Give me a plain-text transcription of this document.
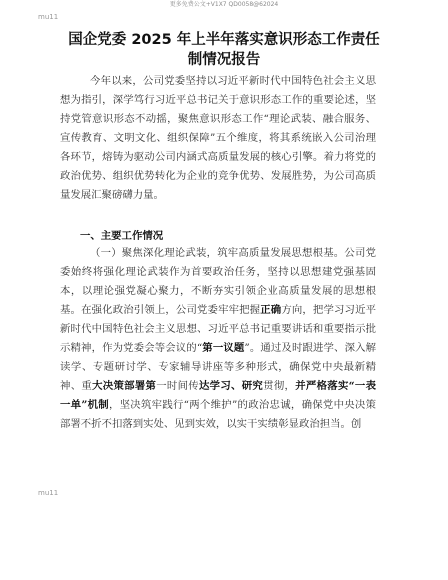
更多免费公文+V1X7 QD0058@62024
mu11
国企党委 2025 年上半年落实意识形态工作责任
制情况报告
今年以来，公司党委坚持以习近平新时代中国特色社会主义思想为指引，深学笃行习近平总书记关于意识形态工作的重要论述，坚持党管意识形态不动摇，聚焦意识形态工作“理论武装、融合服务、宣传教育、文明文化、组织保障”五个维度，将其系统嵌入公司治理各环节，熔铸为驱动公司内涵式高质量发展的核心引擎。着力将党的政治优势、组织优势转化为企业的竞争优势、发展胜势，为公司高质量发展汇聚磅礴力量。
一、主要工作情况
（一）聚焦深化理论武装，筑牢高质量发展思想根基。公司党委始终将强化理论武装作为首要政治任务，坚持以思想建党强基固本，以理论强党凝心聚力，不断夯实引领企业高质量发展的思想根基。在强化政治引领上，公司党委牢牢把握正确方向，把学习习近平新时代中国特色社会主义思想、习近平总书记重要讲话和重要指示批示精神，作为党委会等会议的“第一议题”。通过及时跟进学、深入解读学、专题研讨学、专家辅导讲座等多种形式，确保党中央最新精神、重大决策部署第一时间传达学习、研究贯彻，并严格落实“一表一单”机制，坚决筑牢践行“两个维护”的政治忠诚，确保党中央决策部署不折不扣落到实处、见到实效，以实干实绩彰显政治担当。创
mu11
